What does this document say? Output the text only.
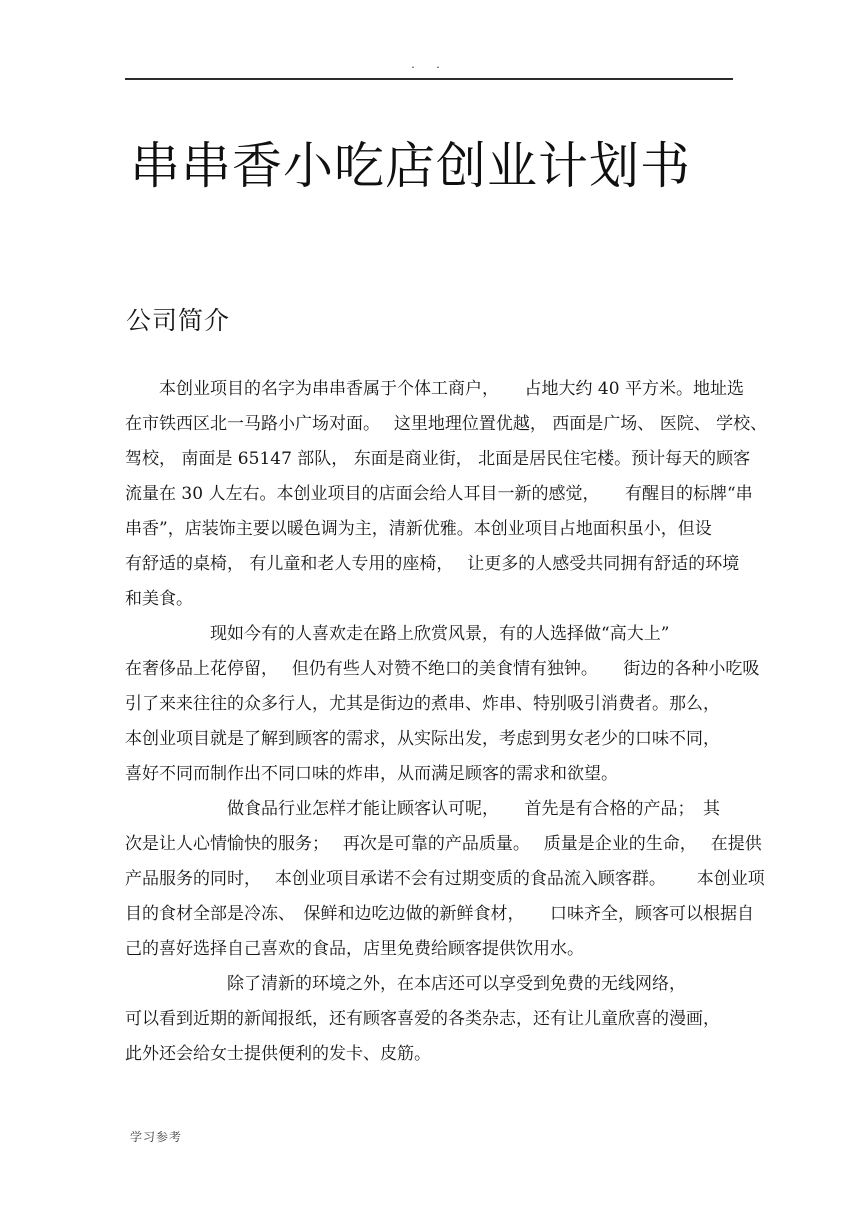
. .
串串香小吃店创业计划书
公司简介
　　本创业项目的名字为串串香属于个体工商户，　　占地大约 40 平方米。地址选
在市铁西区北一马路小广场对面。　 这里地理位置优越， 西面是广场、 医院、 学校、
驾校， 南面是 65147 部队， 东面是商业街， 北面是居民住宅楼。预计每天的顾客
流量在 30 人左右。本创业项目的店面会给人耳目一新的感觉，　　有醒目的标牌“串
串香”，店装饰主要以暖色调为主，清新优雅。本创业项目占地面积虽小，但设
有舒适的桌椅， 有儿童和老人专用的座椅，　 让更多的人感受共同拥有舒适的环境
和美食。
　　　　　现如今有的人喜欢走在路上欣赏风景，有的人选择做“高大上”
在奢侈品上花停留，　 但仍有些人对赞不绝口的美食情有独钟。　　街边的各种小吃吸
引了来来往往的众多行人，尤其是街边的煮串、炸串、特别吸引消费者。那么，
本创业项目就是了解到顾客的需求，从实际出发，考虑到男女老少的口味不同，
喜好不同而制作出不同口味的炸串，从而满足顾客的需求和欲望。
　　　　　　做食品行业怎样才能让顾客认可呢，　　首先是有合格的产品；　其
次是让人心情愉快的服务；　 再次是可靠的产品质量。　 质量是企业的生命，　 在提供
产品服务的同时，　 本创业项目承诺不会有过期变质的食品流入顾客群。　　 本创业项
目的食材全部是冷冻、　保鲜和边吃边做的新鲜食材，　　口味齐全，顾客可以根据自
己的喜好选择自己喜欢的食品，店里免费给顾客提供饮用水。
　　　　　　除了清新的环境之外，在本店还可以享受到免费的无线网络，
可以看到近期的新闻报纸，还有顾客喜爱的各类杂志，还有让儿童欣喜的漫画，
此外还会给女士提供便利的发卡、皮筋。
学习参考
